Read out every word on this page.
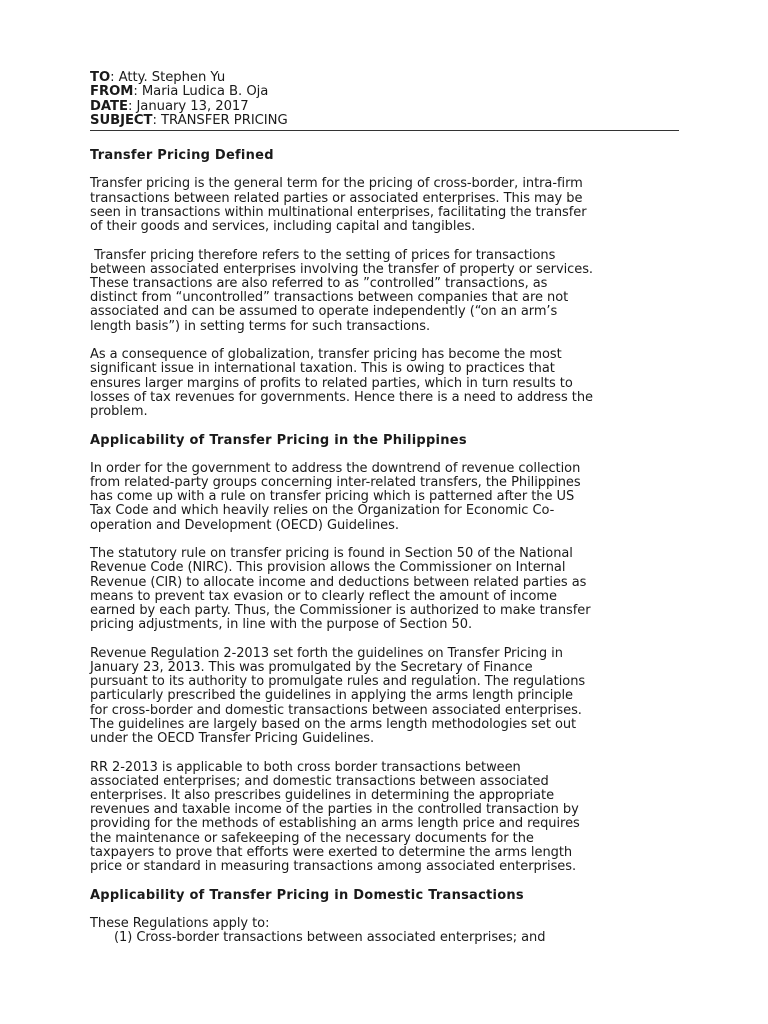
TO: Atty. Stephen Yu
FROM: Maria Ludica B. Oja
DATE: January 13, 2017
SUBJECT: TRANSFER PRICING
Transfer Pricing Defined
Transfer pricing is the general term for the pricing of cross-border, intra-firm
transactions between related parties or associated enterprises. This may be
seen in transactions within multinational enterprises, facilitating the transfer
of their goods and services, including capital and tangibles.
Transfer pricing therefore refers to the setting of prices for transactions
between associated enterprises involving the transfer of property or services.
These transactions are also referred to as ”controlled” transactions, as
distinct from “uncontrolled” transactions between companies that are not
associated and can be assumed to operate independently (“on an arm’s
length basis”) in setting terms for such transactions.
As a consequence of globalization, transfer pricing has become the most
significant issue in international taxation. This is owing to practices that
ensures larger margins of profits to related parties, which in turn results to
losses of tax revenues for governments. Hence there is a need to address the
problem.
Applicability of Transfer Pricing in the Philippines
In order for the government to address the downtrend of revenue collection
from related-party groups concerning inter-related transfers, the Philippines
has come up with a rule on transfer pricing which is patterned after the US
Tax Code and which heavily relies on the Organization for Economic Co-
operation and Development (OECD) Guidelines.
The statutory rule on transfer pricing is found in Section 50 of the National
Revenue Code (NIRC). This provision allows the Commissioner on Internal
Revenue (CIR) to allocate income and deductions between related parties as
means to prevent tax evasion or to clearly reflect the amount of income
earned by each party. Thus, the Commissioner is authorized to make transfer
pricing adjustments, in line with the purpose of Section 50.
Revenue Regulation 2-2013 set forth the guidelines on Transfer Pricing in
January 23, 2013. This was promulgated by the Secretary of Finance
pursuant to its authority to promulgate rules and regulation. The regulations
particularly prescribed the guidelines in applying the arms length principle
for cross-border and domestic transactions between associated enterprises.
The guidelines are largely based on the arms length methodologies set out
under the OECD Transfer Pricing Guidelines.
RR 2-2013 is applicable to both cross border transactions between
associated enterprises; and domestic transactions between associated
enterprises. It also prescribes guidelines in determining the appropriate
revenues and taxable income of the parties in the controlled transaction by
providing for the methods of establishing an arms length price and requires
the maintenance or safekeeping of the necessary documents for the
taxpayers to prove that efforts were exerted to determine the arms length
price or standard in measuring transactions among associated enterprises.
Applicability of Transfer Pricing in Domestic Transactions
These Regulations apply to:
(1) Cross-border transactions between associated enterprises; and
